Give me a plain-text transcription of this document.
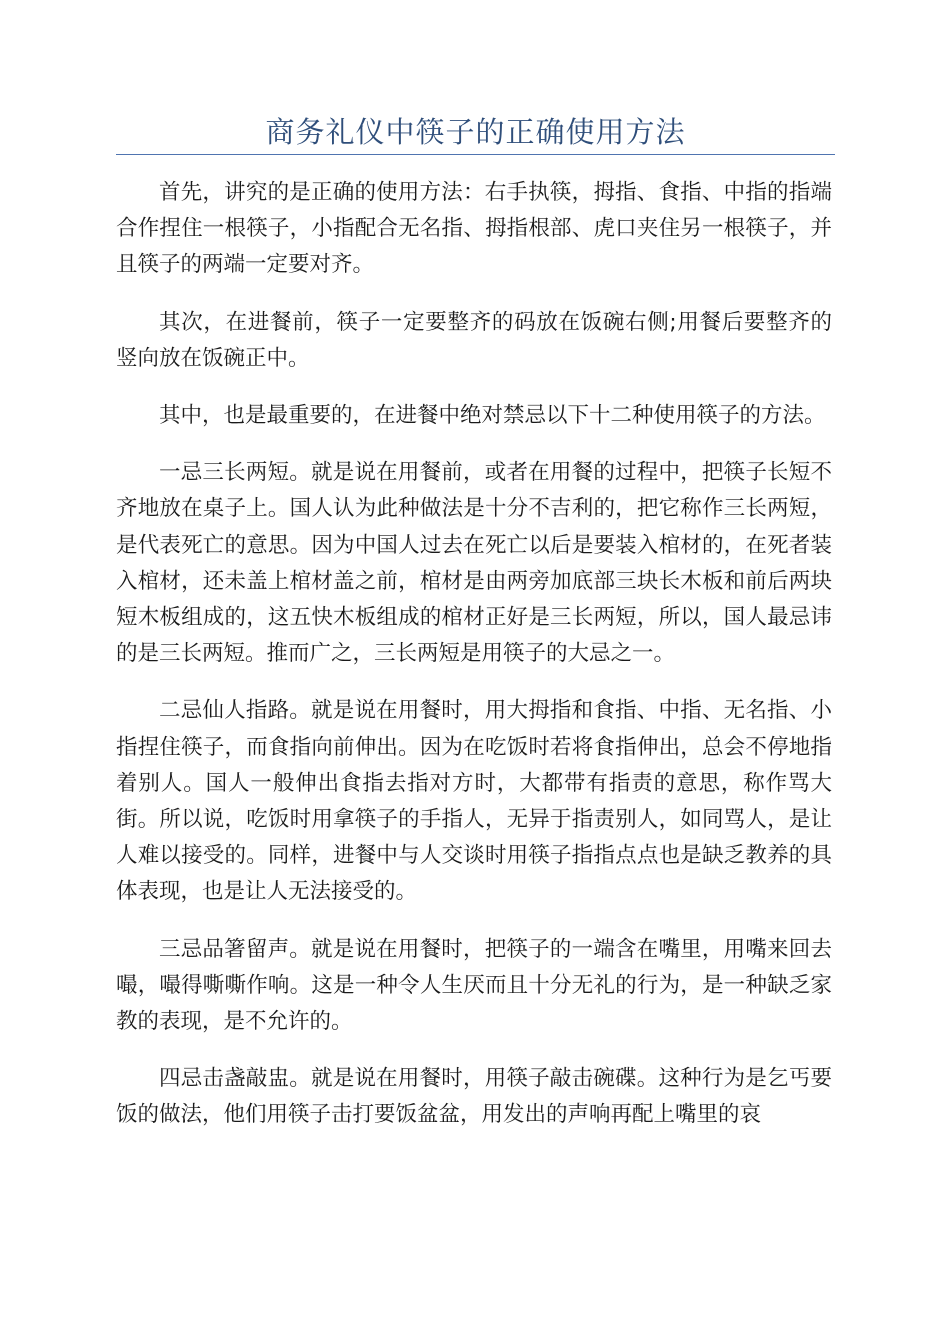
商务礼仪中筷子的正确使用方法

首先，讲究的是正确的使用方法：右手执筷，拇指、食指、中指的指端合作捏住一根筷子，小指配合无名指、拇指根部、虎口夹住另一根筷子，并且筷子的两端一定要对齐。

其次，在进餐前，筷子一定要整齐的码放在饭碗右侧;用餐后要整齐的竖向放在饭碗正中。

其中，也是最重要的，在进餐中绝对禁忌以下十二种使用筷子的方法。

一忌三长两短。就是说在用餐前，或者在用餐的过程中，把筷子长短不齐地放在桌子上。国人认为此种做法是十分不吉利的，把它称作三长两短，是代表死亡的意思。因为中国人过去在死亡以后是要装入棺材的，在死者装入棺材，还未盖上棺材盖之前，棺材是由两旁加底部三块长木板和前后两块短木板组成的，这五快木板组成的棺材正好是三长两短，所以，国人最忌讳的是三长两短。推而广之，三长两短是用筷子的大忌之一。

二忌仙人指路。就是说在用餐时，用大拇指和食指、中指、无名指、小指捏住筷子，而食指向前伸出。因为在吃饭时若将食指伸出，总会不停地指着别人。国人一般伸出食指去指对方时，大都带有指责的意思，称作骂大街。所以说，吃饭时用拿筷子的手指人，无异于指责别人，如同骂人，是让人难以接受的。同样，进餐中与人交谈时用筷子指指点点也是缺乏教养的具体表现，也是让人无法接受的。

三忌品箸留声。就是说在用餐时，把筷子的一端含在嘴里，用嘴来回去嘬，嘬得嘶嘶作响。这是一种令人生厌而且十分无礼的行为，是一种缺乏家教的表现，是不允许的。

四忌击盏敲盅。就是说在用餐时，用筷子敲击碗碟。这种行为是乞丐要饭的做法，他们用筷子击打要饭盆盆，用发出的声响再配上嘴里的哀
